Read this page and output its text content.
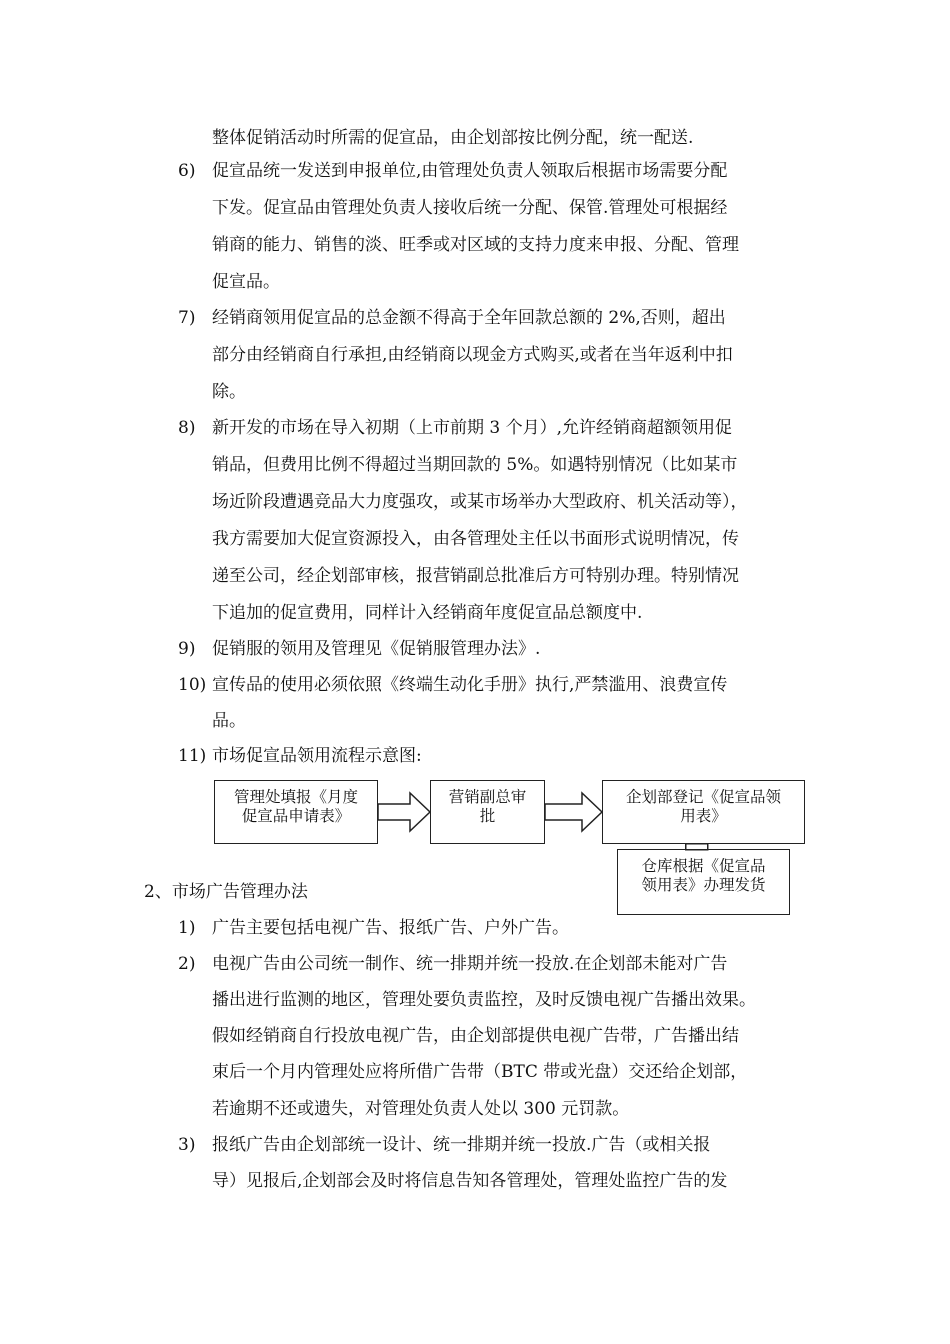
整体促销活动时所需的促宣品，由企划部按比例分配，统一配送.
6) 促宣品统一发送到申报单位,由管理处负责人领取后根据市场需要分配
下发。促宣品由管理处负责人接收后统一分配、保管.管理处可根据经
销商的能力、销售的淡、旺季或对区域的支持力度来申报、分配、管理
促宣品。
7) 经销商领用促宣品的总金额不得高于全年回款总额的 2%,否则，超出
部分由经销商自行承担,由经销商以现金方式购买,或者在当年返利中扣
除。
8) 新开发的市场在导入初期（上市前期 3 个月）,允许经销商超额领用促
销品，但费用比例不得超过当期回款的 5%。如遇特别情况（比如某市
场近阶段遭遇竞品大力度强攻，或某市场举办大型政府、机关活动等），
我方需要加大促宣资源投入，由各管理处主任以书面形式说明情况，传
递至公司，经企划部审核，报营销副总批准后方可特别办理。特别情况
下追加的促宣费用，同样计入经销商年度促宣品总额度中.
9) 促销服的领用及管理见《促销服管理办法》.
10) 宣传品的使用必须依照《终端生动化手册》执行,严禁滥用、浪费宣传
品。
11) 市场促宣品领用流程示意图:
管理处填报《月度
促宣品申请表》
营销副总审
批
企划部登记《促宣品领
用表》
仓库根据《促宣品
领用表》办理发货
2、市场广告管理办法
1) 广告主要包括电视广告、报纸广告、户外广告。
2) 电视广告由公司统一制作、统一排期并统一投放.在企划部未能对广告
播出进行监测的地区，管理处要负责监控，及时反馈电视广告播出效果。
假如经销商自行投放电视广告，由企划部提供电视广告带，广告播出结
束后一个月内管理处应将所借广告带（BTC 带或光盘）交还给企划部，
若逾期不还或遗失，对管理处负责人处以 300 元罚款。
3) 报纸广告由企划部统一设计、统一排期并统一投放.广告（或相关报
导）见报后,企划部会及时将信息告知各管理处，管理处监控广告的发
